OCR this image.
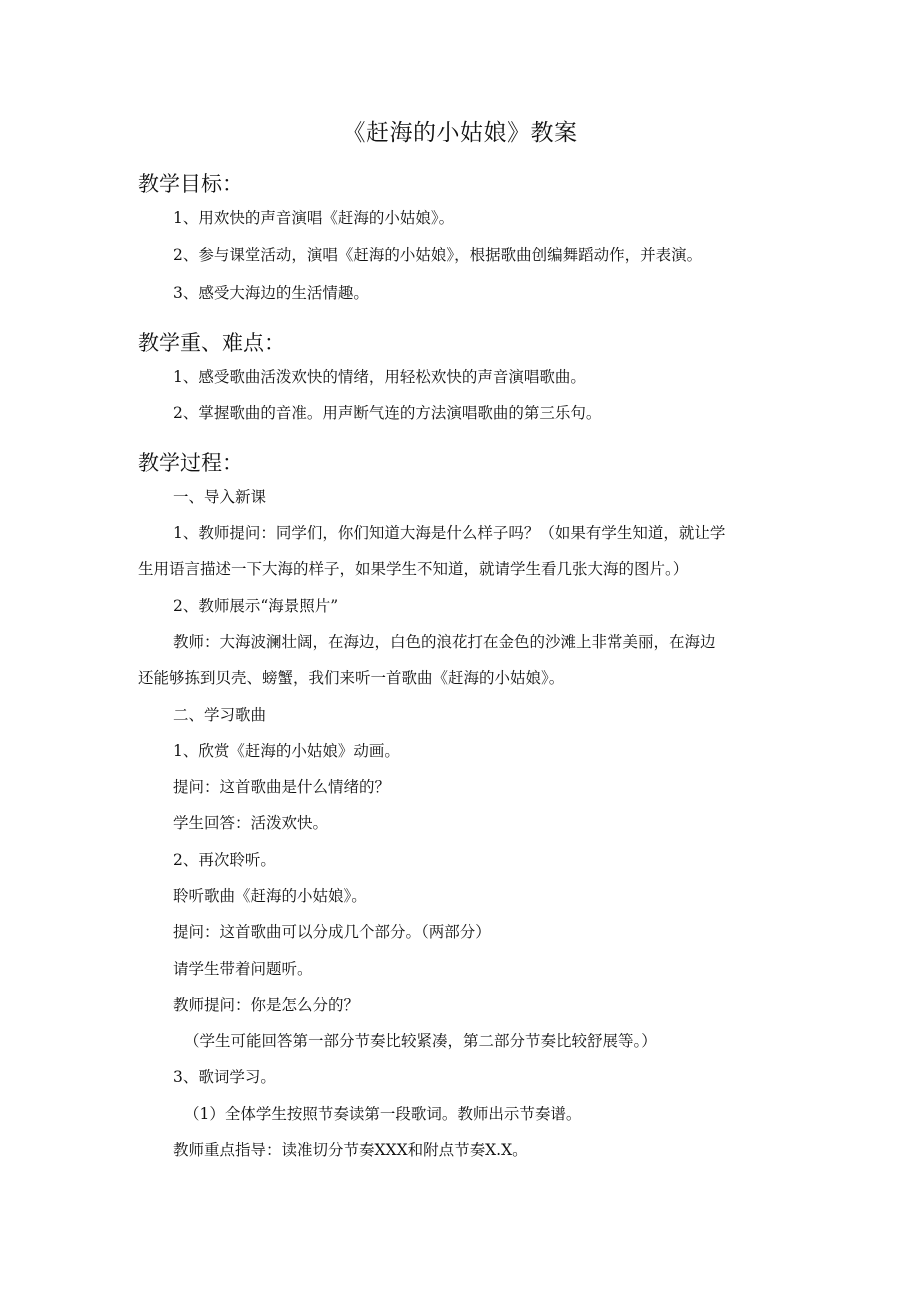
《赶海的小姑娘》教案
教学目标：
1、用欢快的声音演唱《赶海的小姑娘》。
2、参与课堂活动，演唱《赶海的小姑娘》，根据歌曲创编舞蹈动作，并表演。
3、感受大海边的生活情趣。
教学重、难点：
1、感受歌曲活泼欢快的情绪，用轻松欢快的声音演唱歌曲。
2、掌握歌曲的音准。用声断气连的方法演唱歌曲的第三乐句。
教学过程：
一、导入新课
1、教师提问：同学们，你们知道大海是什么样子吗？（如果有学生知道，就让学
生用语言描述一下大海的样子，如果学生不知道，就请学生看几张大海的图片。）
2、教师展示“海景照片”
教师：大海波澜壮阔，在海边，白色的浪花打在金色的沙滩上非常美丽，在海边
还能够拣到贝壳、螃蟹，我们来听一首歌曲《赶海的小姑娘》。
二、学习歌曲
1、欣赏《赶海的小姑娘》动画。
提问：这首歌曲是什么情绪的？
学生回答：活泼欢快。
2、再次聆听。
聆听歌曲《赶海的小姑娘》。
提问：这首歌曲可以分成几个部分。（两部分）
请学生带着问题听。
教师提问：你是怎么分的？
（学生可能回答第一部分节奏比较紧凑，第二部分节奏比较舒展等。）
3、歌词学习。
（1）全体学生按照节奏读第一段歌词。教师出示节奏谱。
教师重点指导：读准切分节奏XXX和附点节奏X.X。
